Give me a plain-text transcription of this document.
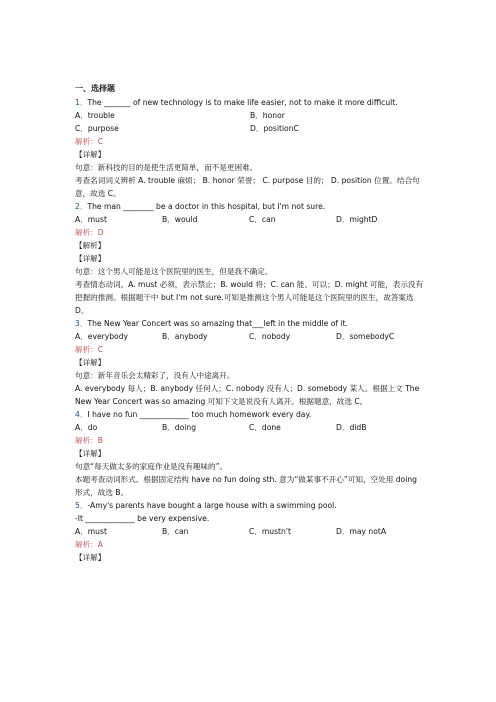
一、选择题
1．The _______ of new technology is to make life easier, not to make it more difficult.
A．trouble	B．honor
C．purpose	D．positionC
解析：C
【详解】
句意：新科技的目的是使生活更简单，而不是更困难。
考查名词词义辨析 A. trouble 麻烦； B. honor 荣誉； C. purpose 目的； D. position 位置。结合句意，故选 C。
2．The man ________ be a doctor in this hospital, but I'm not sure.
A．must	B．would	C．can	D．mightD
解析：D
【解析】
【详解】
句意：这个男人可能是这个医院里的医生，但是我不确定。
考查情态动词。A. must 必须，表示禁止；B. would 将；C. can 能、可以；D. might 可能，表示没有把握的推测。根据题干中 but I'm not sure.可知是推测这个男人可能是这个医院里的医生，故答案选 D。
3．The New Year Concert was so amazing that___left in the middle of it.
A．everybody	B．anybody	C．nobody	D．somebodyC
解析：C
【详解】
句意：新年音乐会太精彩了，没有人中途离开。
A. everybody 每人；B. anybody 任何人；C. nobody 没有人；D. somebody 某人。根据上文 The New Year Concert was so amazing 可知下文是说没有人离开。根据题意，故选 C。
4．I have no fun _____________ too much homework every day.
A．do	B．doing	C．done	D．didB
解析：B
【详解】
句意“每天做太多的家庭作业是没有趣味的”。
本题考查动词形式。根据固定结构 have no fun doing sth. 意为“做某事不开心”可知，空处用 doing 形式，故选 B。
5．-Amy's parents have bought a large house with a swimming pool.
-It _____________ be very expensive.
A．must	B．can	C．mustn't	D．may notA
解析：A
【详解】
